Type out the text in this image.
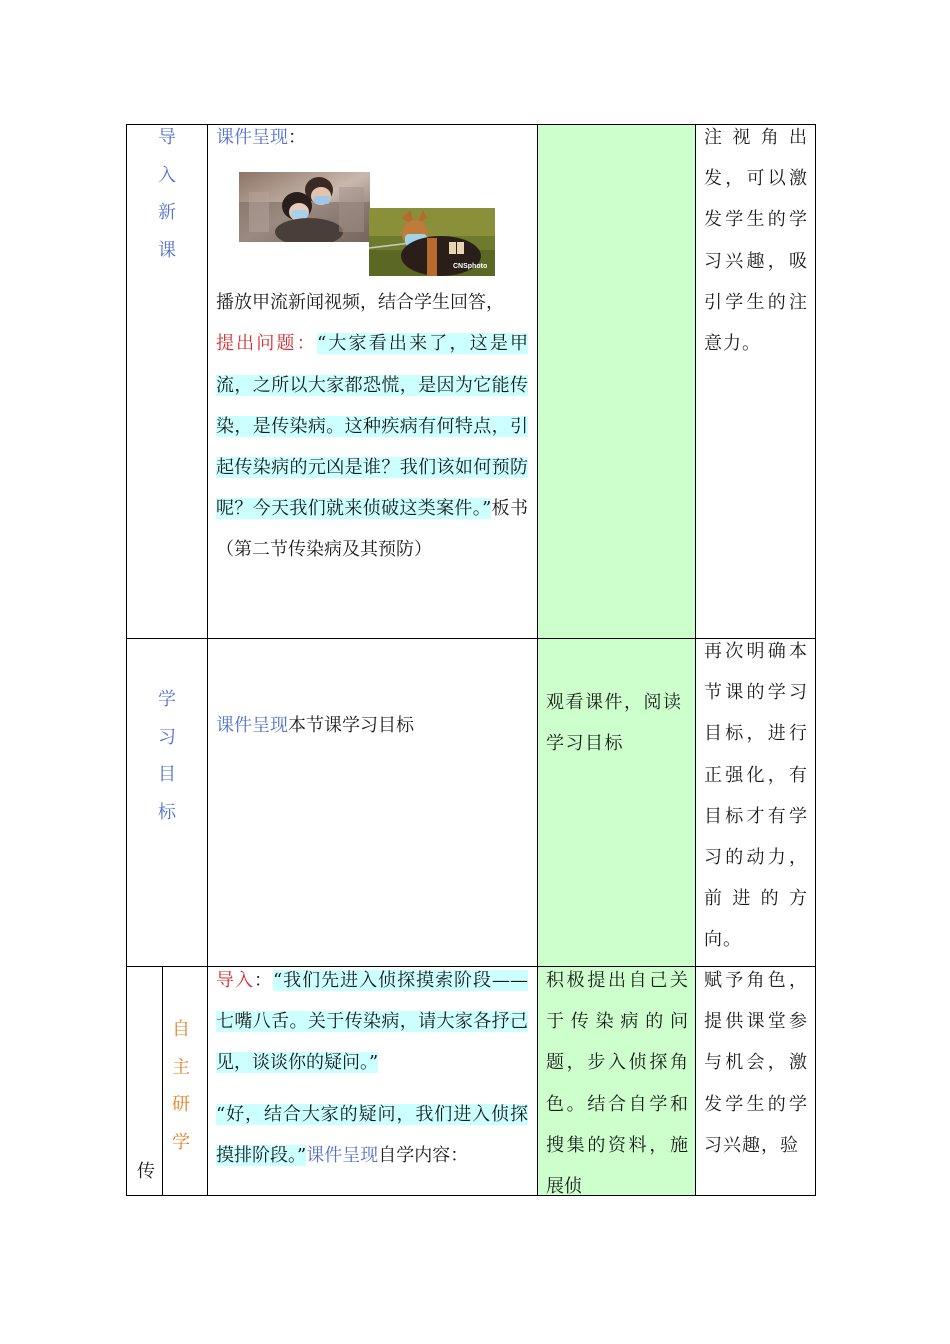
导
入
新
课
课件呈现：
播放甲流新闻视频，结合学生回答，
提出问题：“大家看出来了，这是甲流，之所以大家都恐慌，是因为它能传染，是传染病。这种疾病有何特点，引起传染病的元凶是谁？我们该如何预防呢？今天我们就来侦破这类案件。”板书（第二节传染病及其预防）
CNSphoto
注视角出发，可以激发学生的学习兴趣，吸引学生的注意力。
学
习
目
标
课件呈现本节课学习目标
观看课件，阅读学习目标
再次明确本节课的学习目标，进行正强化，有目标才有学习的动力，前进的方向。
传
自
主
研
学
导入：“我们先进入侦探摸索阶段——七嘴八舌。关于传染病，请大家各抒己见，谈谈你的疑问。”
“好，结合大家的疑问，我们进入侦探摸排阶段。”课件呈现自学内容：
积极提出自己关于传染病的问题，步入侦探角色。结合自学和搜集的资料，施展侦
赋予角色，提供课堂参与机会，激发学生的学习兴趣，验
